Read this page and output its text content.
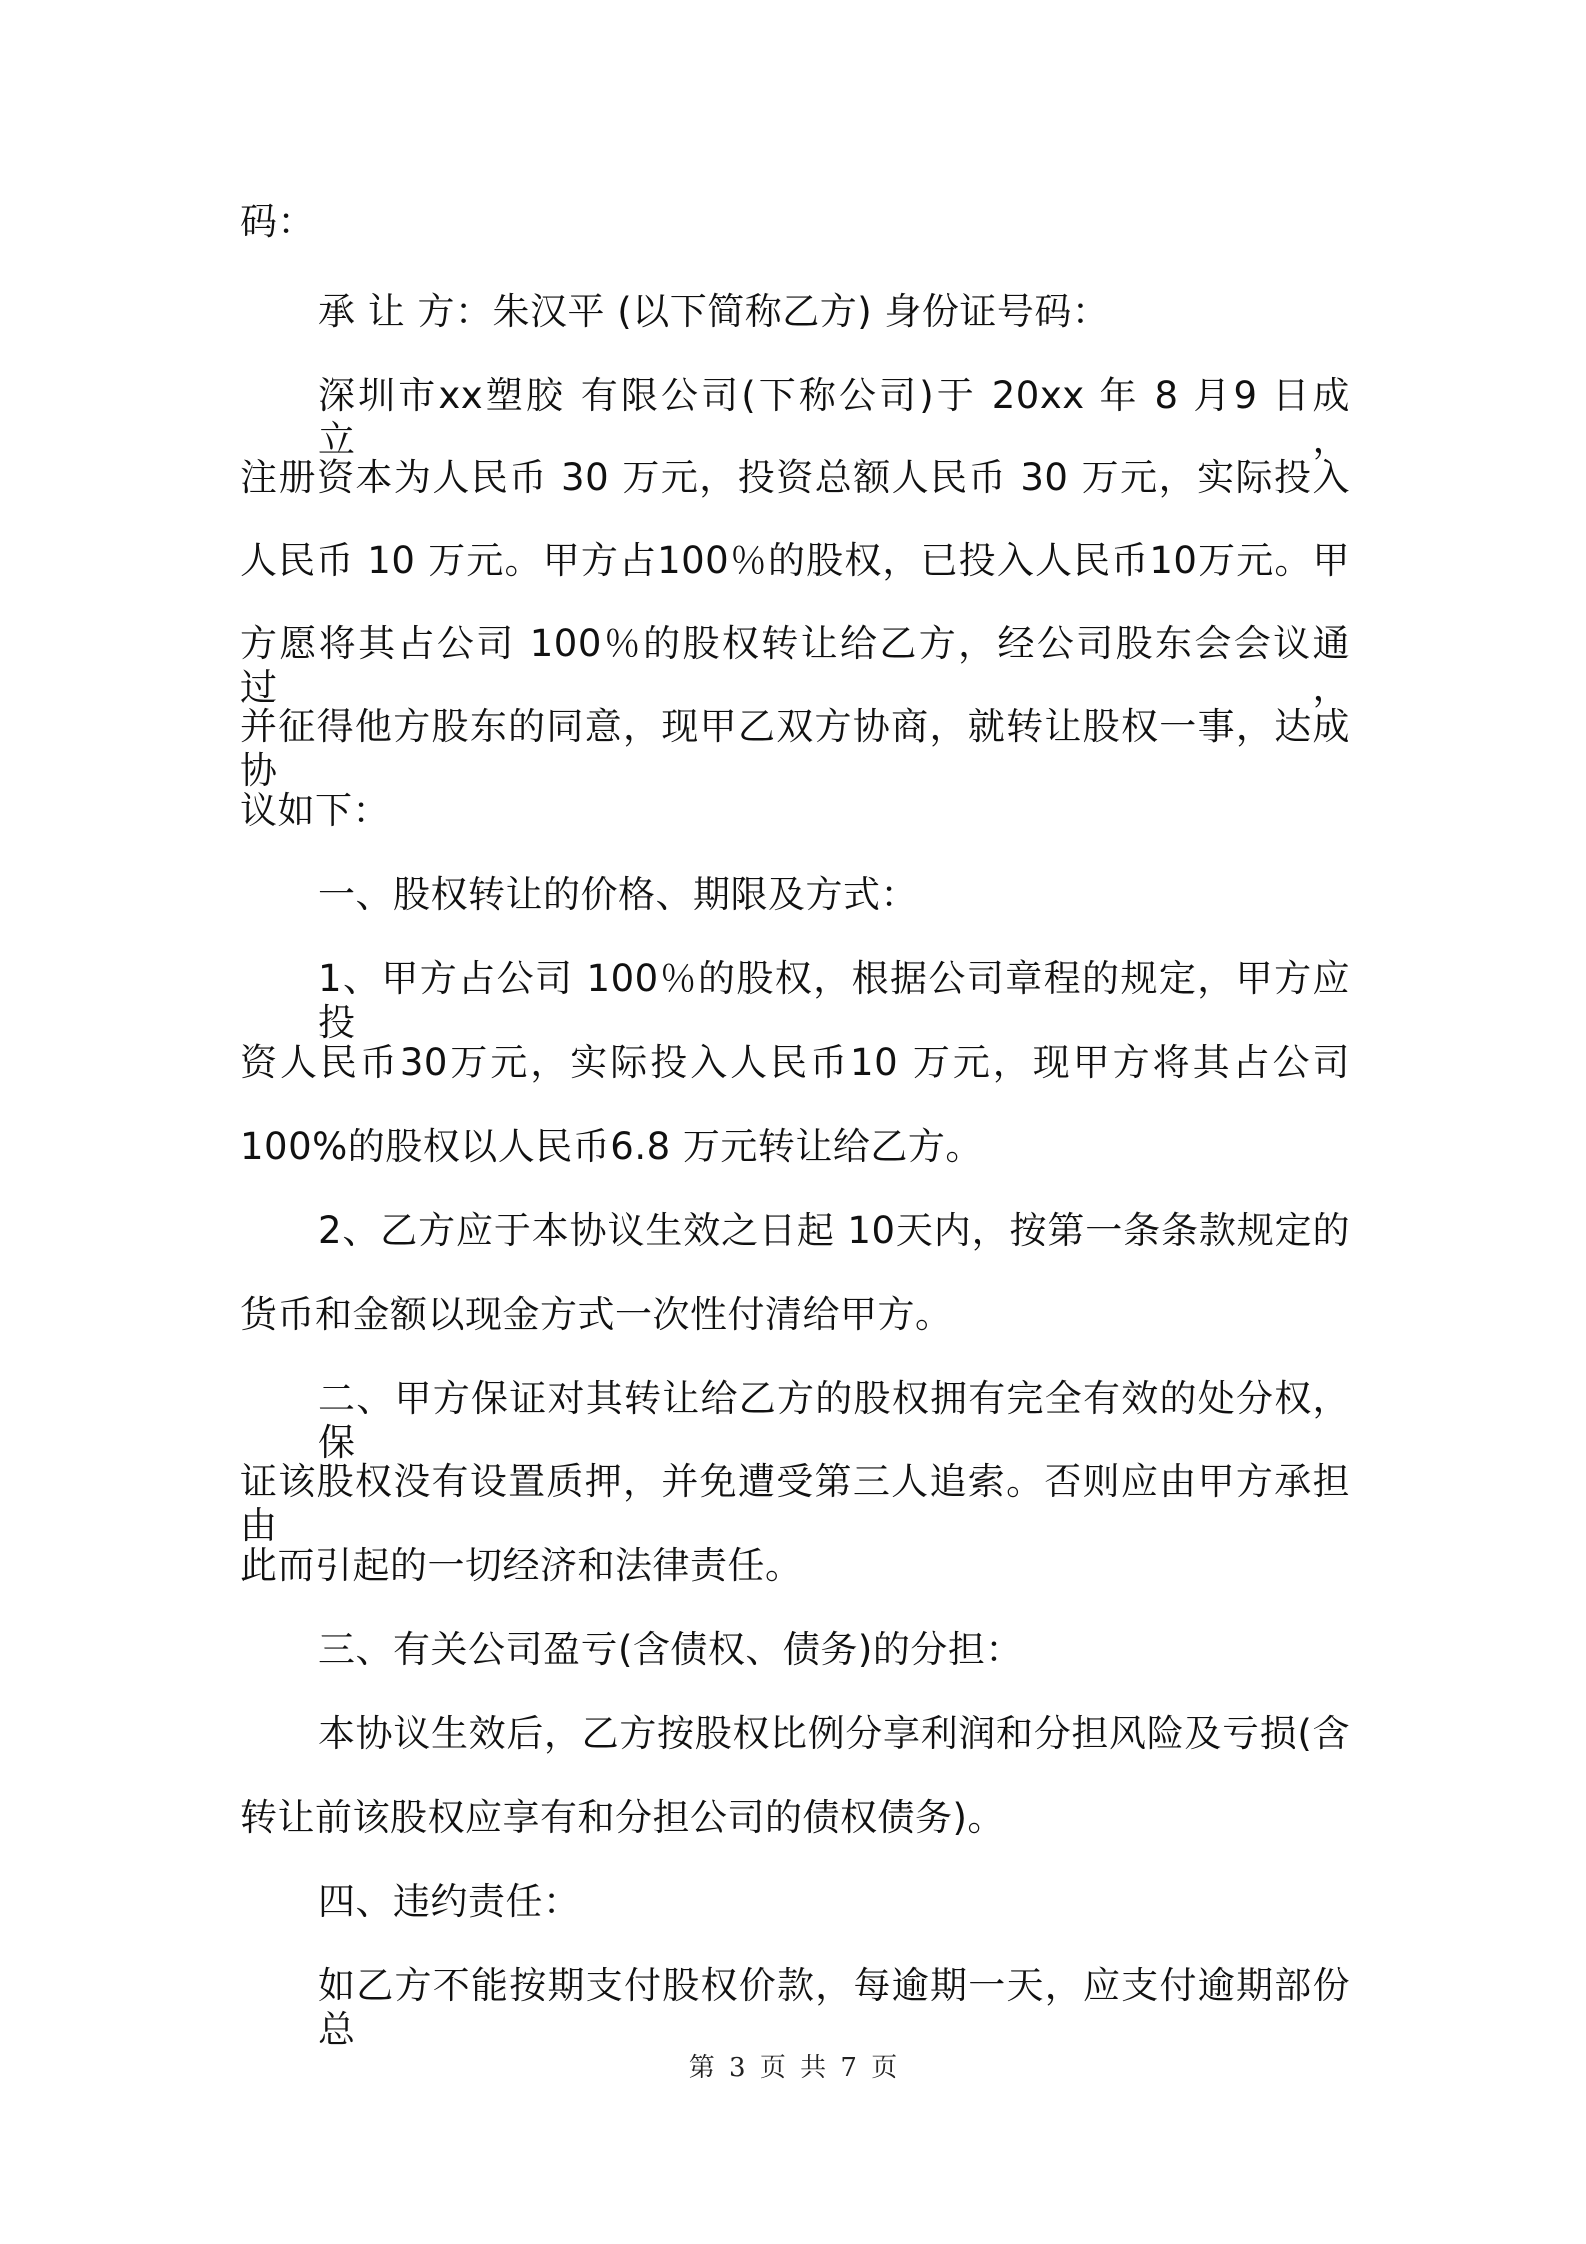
码：
承 让 方：朱汉平 (以下简称乙方) 身份证号码：
深圳市xx塑胶 有限公司(下称公司)于 20xx 年 8 月9 日成立，
注册资本为人民币 30 万元，投资总额人民币 30 万元，实际投入
人民币 10 万元。甲方占100％的股权，已投入人民币10万元。甲
方愿将其占公司 100％的股权转让给乙方，经公司股东会会议通过，
并征得他方股东的同意，现甲乙双方协商，就转让股权一事，达成协
议如下：
一、股权转让的价格、期限及方式：
1、甲方占公司 100％的股权，根据公司章程的规定，甲方应投
资人民币30万元，实际投入人民币10 万元，现甲方将其占公司
100%的股权以人民币6.8 万元转让给乙方。
2、乙方应于本协议生效之日起 10天内，按第一条条款规定的
货币和金额以现金方式一次性付清给甲方。
二、甲方保证对其转让给乙方的股权拥有完全有效的处分权，保
证该股权没有设置质押，并免遭受第三人追索。否则应由甲方承担由
此而引起的一切经济和法律责任。
三、有关公司盈亏(含债权、债务)的分担：
本协议生效后，乙方按股权比例分享利润和分担风险及亏损(含
转让前该股权应享有和分担公司的债权债务)。
四、违约责任：
如乙方不能按期支付股权价款，每逾期一天，应支付逾期部份总
第 3 页 共 7 页
